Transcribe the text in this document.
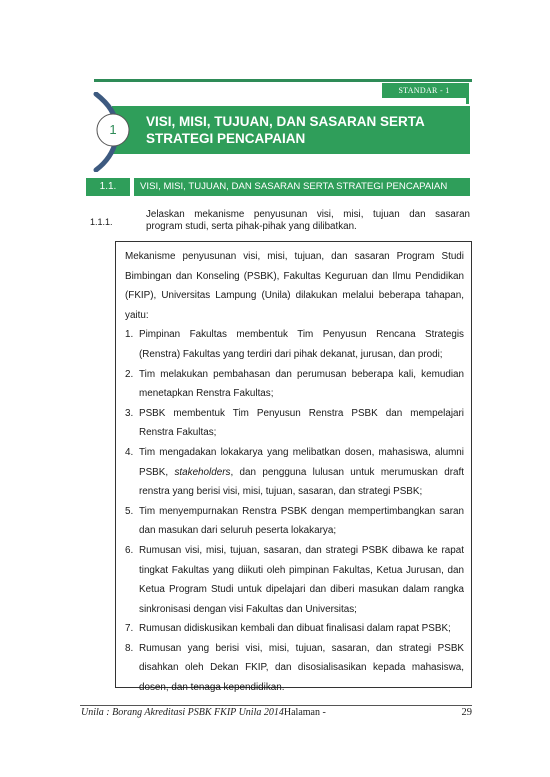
STANDAR - 1
VISI, MISI, TUJUAN, DAN SASARAN SERTA
STRATEGI PENCAPAIAN
1
1.1.	VISI, MISI, TUJUAN, DAN SASARAN SERTA STRATEGI PENCAPAIAN
1.1.1.
Jelaskan mekanisme penyusunan visi, misi, tujuan dan sasaran
program studi, serta pihak-pihak yang dilibatkan.

Mekanisme penyusunan visi, misi, tujuan, dan sasaran Program Studi Bimbingan dan Konseling (PSBK), Fakultas Keguruan dan Ilmu Pendidikan (FKIP), Universitas Lampung (Unila) dilakukan melalui beberapa tahapan, yaitu:

1. Pimpinan Fakultas membentuk Tim Penyusun Rencana Strategis (Renstra) Fakultas yang terdiri dari pihak dekanat, jurusan, dan prodi;
2. Tim melakukan pembahasan dan perumusan beberapa kali, kemudian menetapkan Renstra Fakultas;
3. PSBK membentuk Tim Penyusun Renstra PSBK dan mempelajari Renstra Fakultas;
4. Tim mengadakan lokakarya yang melibatkan dosen, mahasiswa, alumni PSBK, stakeholders, dan pengguna lulusan untuk merumuskan draft renstra yang berisi visi, misi, tujuan, sasaran, dan strategi PSBK;
5. Tim menyempurnakan Renstra PSBK dengan mempertimbangkan saran dan masukan dari seluruh peserta lokakarya;
6. Rumusan visi, misi, tujuan, sasaran, dan strategi PSBK dibawa ke rapat tingkat Fakultas yang diikuti oleh pimpinan Fakultas, Ketua Jurusan, dan Ketua Program Studi untuk dipelajari dan diberi masukan dalam rangka sinkronisasi dengan visi Fakultas dan Universitas;
7. Rumusan didiskusikan kembali dan dibuat finalisasi dalam rapat PSBK;
8. Rumusan yang berisi visi, misi, tujuan, sasaran, dan strategi PSBK disahkan oleh Dekan FKIP, dan disosialisasikan kepada mahasiswa, dosen, dan tenaga kependidikan.
Unila : Borang Akreditasi PSBK FKIP Unila 2014Halaman -	29
